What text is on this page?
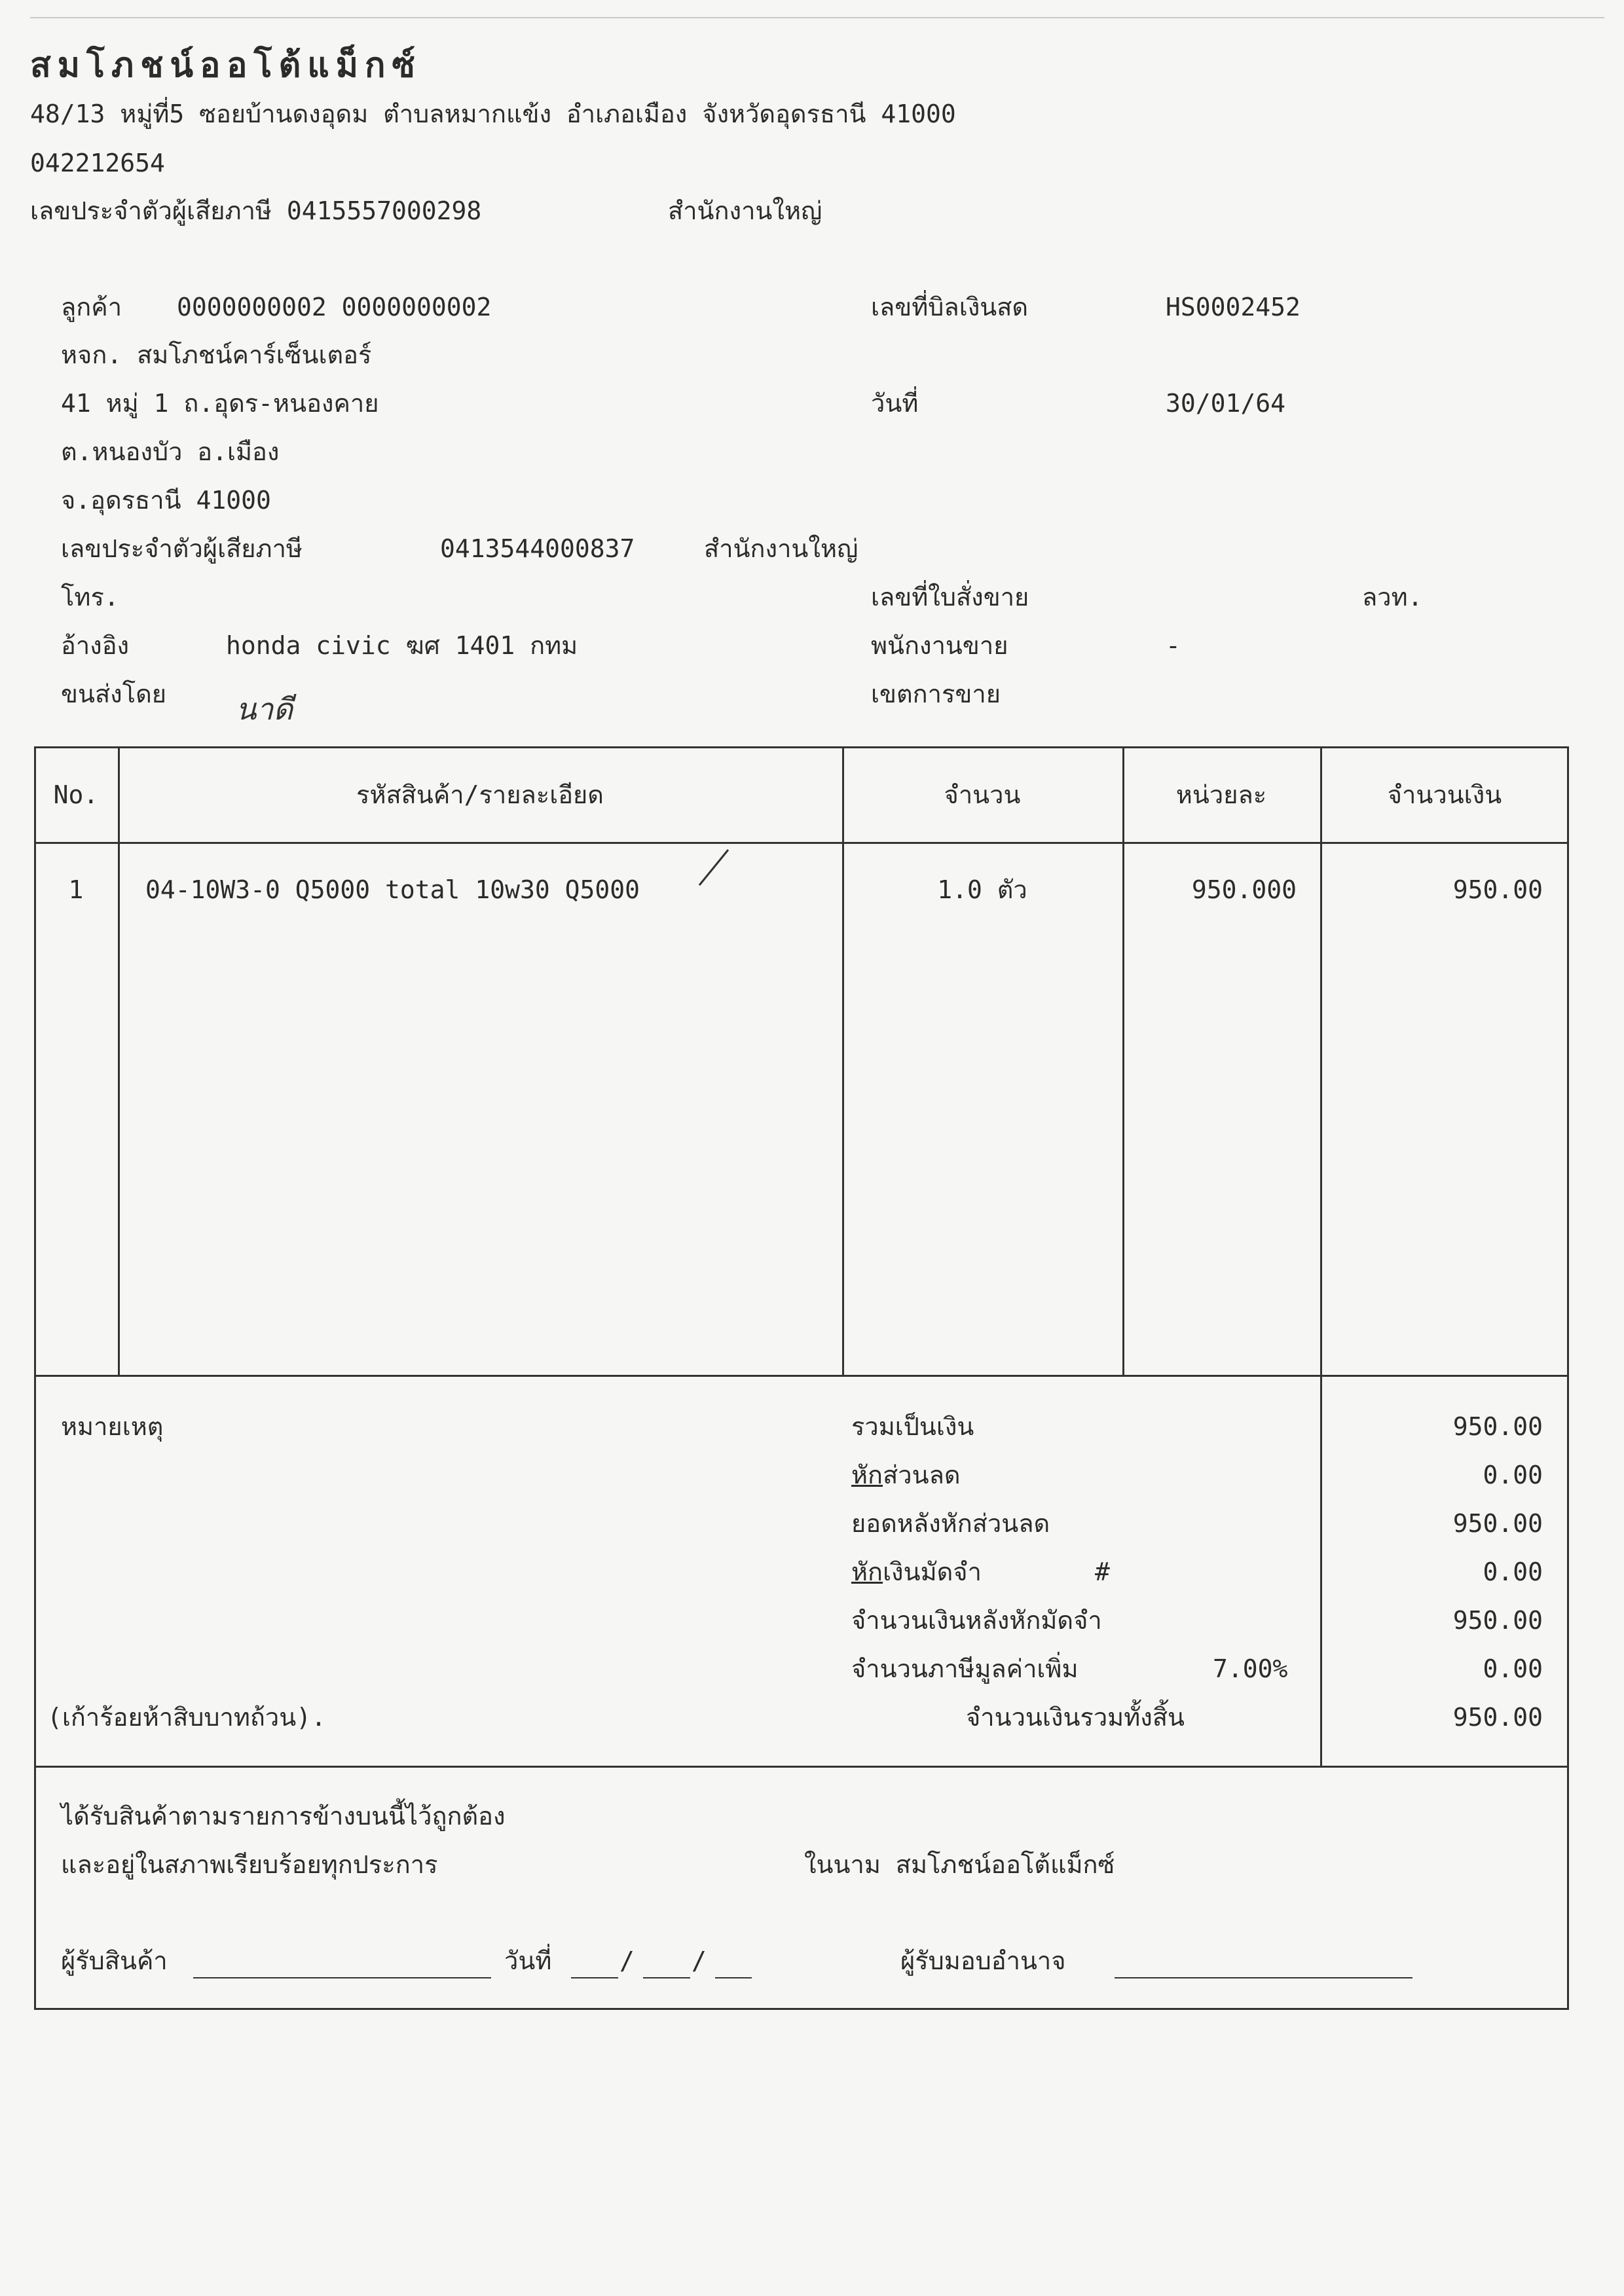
สมโภชน์ออโต้แม็กซ์
48/13 หมู่ที่5 ซอยบ้านดงอุดม ตำบลหมากแข้ง อำเภอเมือง จังหวัดอุดรธานี 41000
042212654
เลขประจำตัวผู้เสียภาษี 0415557000298	สำนักงานใหญ่
ลูกค้า 0000000002 0000000002
หจก. สมโภชน์คาร์เซ็นเตอร์
41 หมู่ 1 ถ.อุดร-หนองคาย
ต.หนองบัว อ.เมือง
จ.อุดรธานี 41000
เลขประจำตัวผู้เสียภาษี	0413544000837	สำนักงานใหญ่
โทร.
อ้างอิง	honda civic ฆศ 1401 กทม
ขนส่งโดย นาดี
เลขที่บิลเงินสด	HS0002452
วันที่	30/01/64
เลขที่ใบสั่งขาย	ลวท.
พนักงานขาย	-
เขตการขาย
No.	รหัสสินค้า/รายละเอียด	จำนวน	หน่วยละ	จำนวนเงิน
1	04-10W3-0 Q5000 total 10w30 Q5000	1.0 ตัว	950.000	950.00
หมายเหตุ	รวมเป็นเงิน	950.00
หักส่วนลด	0.00
ยอดหลังหักส่วนลด	950.00
หักเงินมัดจำ	#	0.00
จำนวนเงินหลังหักมัดจำ	950.00
จำนวนภาษีมูลค่าเพิ่ม	7.00%	0.00
(เก้าร้อยห้าสิบบาทถ้วน).	จำนวนเงินรวมทั้งสิ้น	950.00
ได้รับสินค้าตามรายการข้างบนนี้ไว้ถูกต้อง
และอยู่ในสภาพเรียบร้อยทุกประการ	ในนาม สมโภชน์ออโต้แม็กซ์
ผู้รับสินค้า	วันที่	/ /	ผู้รับมอบอำนาจ
